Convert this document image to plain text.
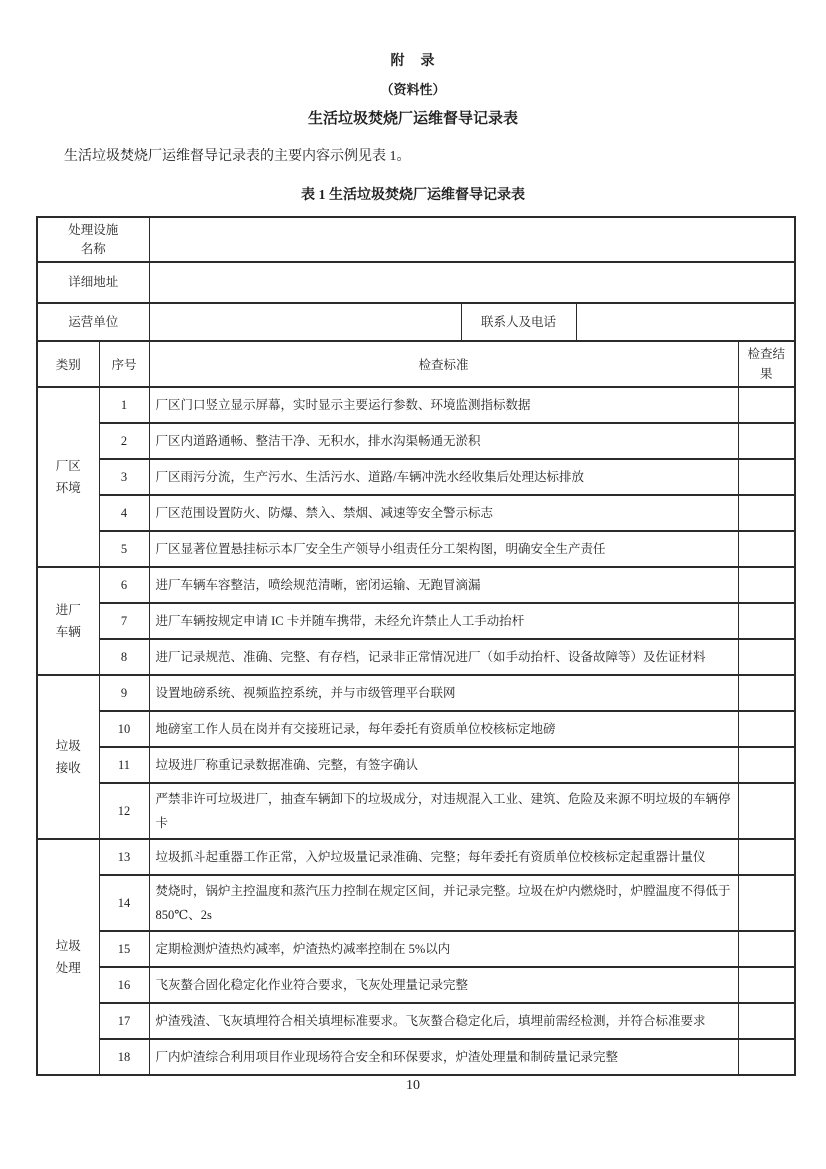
附　录
（资料性）
生活垃圾焚烧厂运维督导记录表

生活垃圾焚烧厂运维督导记录表的主要内容示例见表 1。

表 1 生活垃圾焚烧厂运维督导记录表
处理设施名称					
详细地址					
运营单位			联系人及电话		
类别	序号	检查标准			检查结果
厂区环境	1	厂区门口竖立显示屏幕，实时显示主要运行参数、环境监测指标数据			
	2	厂区内道路通畅、整洁干净、无积水，排水沟渠畅通无淤积			
	3	厂区雨污分流，生产污水、生活污水、道路/车辆冲洗水经收集后处理达标排放			
	4	厂区范围设置防火、防爆、禁入、禁烟、减速等安全警示标志			
	5	厂区显著位置悬挂标示本厂安全生产领导小组责任分工架构图，明确安全生产责任			
进厂车辆	6	进厂车辆车容整洁，喷绘规范清晰，密闭运输、无跑冒滴漏			
	7	进厂车辆按规定申请 IC 卡并随车携带，未经允许禁止人工手动抬杆			
	8	进厂记录规范、准确、完整、有存档，记录非正常情况进厂（如手动抬杆、设备故障等）及佐证材料			
垃圾接收	9	设置地磅系统、视频监控系统，并与市级管理平台联网			
	10	地磅室工作人员在岗并有交接班记录，每年委托有资质单位校核标定地磅			
	11	垃圾进厂称重记录数据准确、完整，有签字确认			
	12	严禁非许可垃圾进厂，抽查车辆卸下的垃圾成分，对违规混入工业、建筑、危险及来源不明垃圾的车辆停卡			
垃圾处理	13	垃圾抓斗起重器工作正常，入炉垃圾量记录准确、完整；每年委托有资质单位校核标定起重器计量仪			
	14	焚烧时，锅炉主控温度和蒸汽压力控制在规定区间，并记录完整。垃圾在炉内燃烧时，炉膛温度不得低于850℃、2s			
	15	定期检测炉渣热灼减率，炉渣热灼减率控制在 5%以内			
	16	飞灰螯合固化稳定化作业符合要求，飞灰处理量记录完整			
	17	炉渣残渣、飞灰填埋符合相关填埋标准要求。飞灰螯合稳定化后，填埋前需经检测，并符合标准要求			
	18	厂内炉渣综合利用项目作业现场符合安全和环保要求，炉渣处理量和制砖量记录完整			
10
